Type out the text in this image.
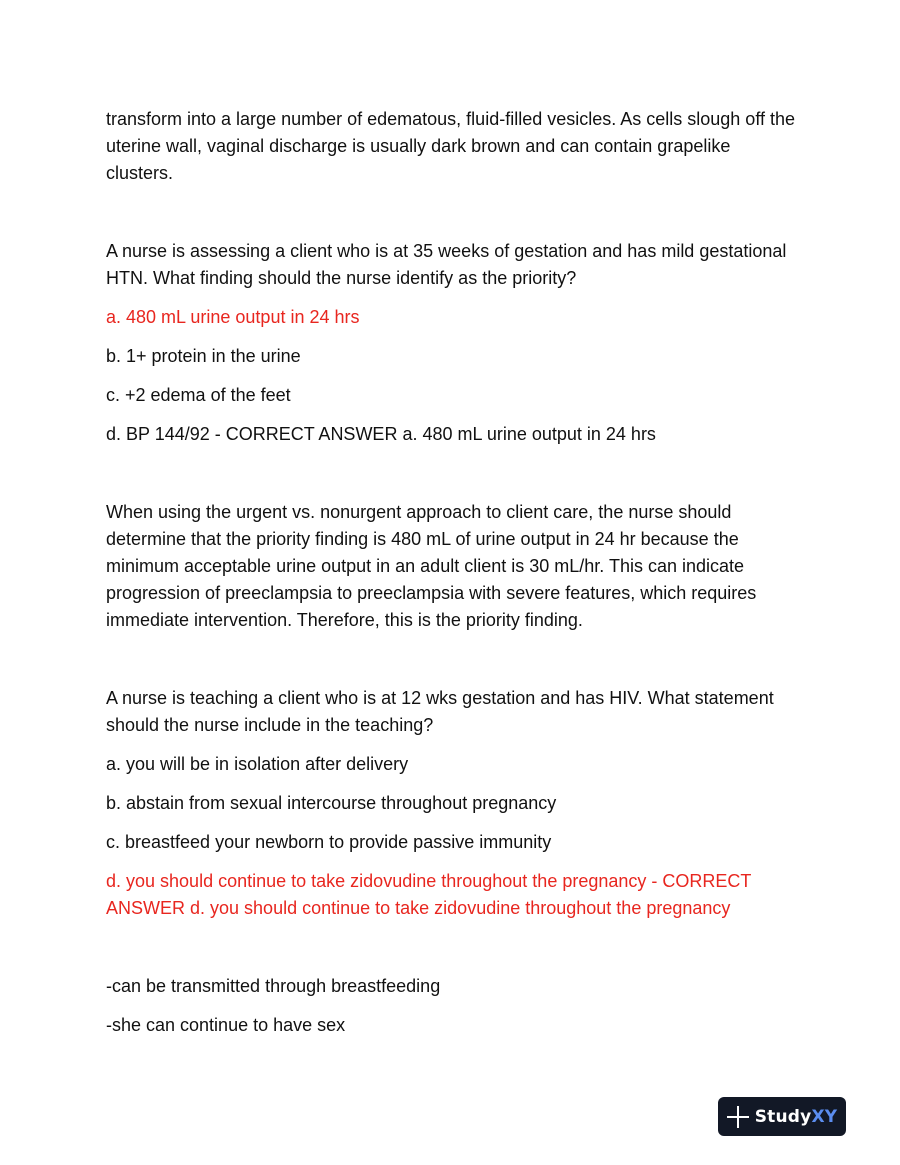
transform into a large number of edematous, fluid-filled vesicles. As cells slough off the uterine wall, vaginal discharge is usually dark brown and can contain grapelike clusters.

A nurse is assessing a client who is at 35 weeks of gestation and has mild gestational HTN. What finding should the nurse identify as the priority?

a. 480 mL urine output in 24 hrs

b. 1+ protein in the urine

c. +2 edema of the feet

d. BP 144/92 - CORRECT ANSWER a. 480 mL urine output in 24 hrs

When using the urgent vs. nonurgent approach to client care, the nurse should determine that the priority finding is 480 mL of urine output in 24 hr because the minimum acceptable urine output in an adult client is 30 mL/hr. This can indicate progression of preeclampsia to preeclampsia with severe features, which requires immediate intervention. Therefore, this is the priority finding.

A nurse is teaching a client who is at 12 wks gestation and has HIV. What statement should the nurse include in the teaching?

a. you will be in isolation after delivery

b. abstain from sexual intercourse throughout pregnancy

c. breastfeed your newborn to provide passive immunity

d. you should continue to take zidovudine throughout the pregnancy - CORRECT ANSWER d. you should continue to take zidovudine throughout the pregnancy

-can be transmitted through breastfeeding

-she can continue to have sex

StudyXY
